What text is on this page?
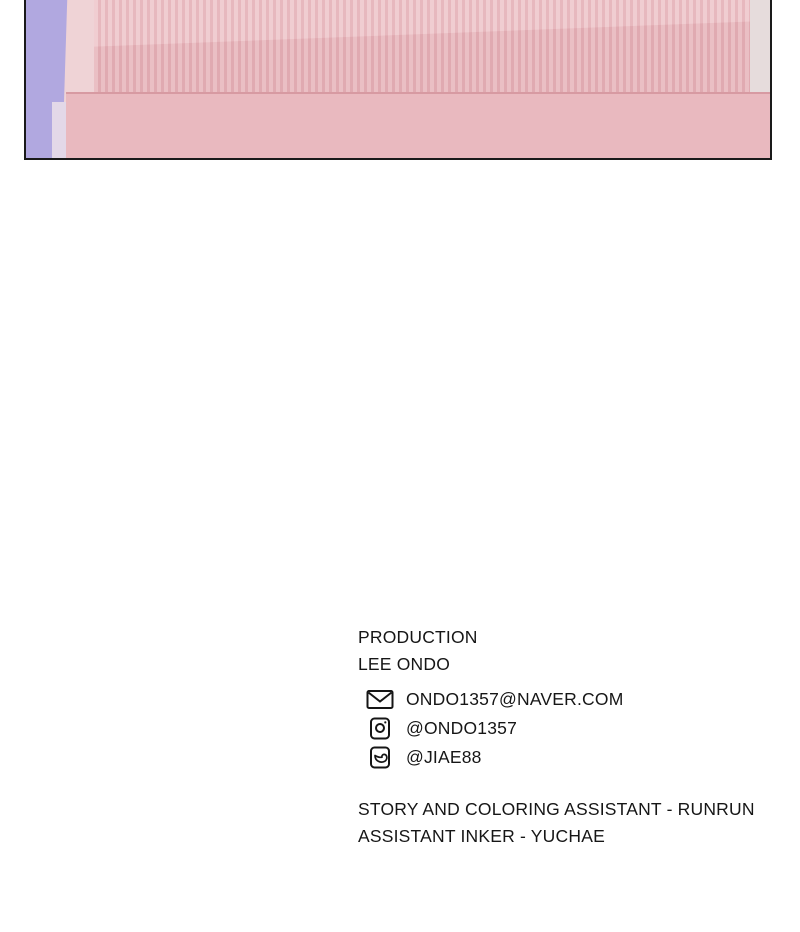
PRODUCTION
LEE ONDO
ONDO1357@NAVER.COM
@ONDO1357
@JIAE88
STORY AND COLORING ASSISTANT - RUNRUN
ASSISTANT INKER - YUCHAE
